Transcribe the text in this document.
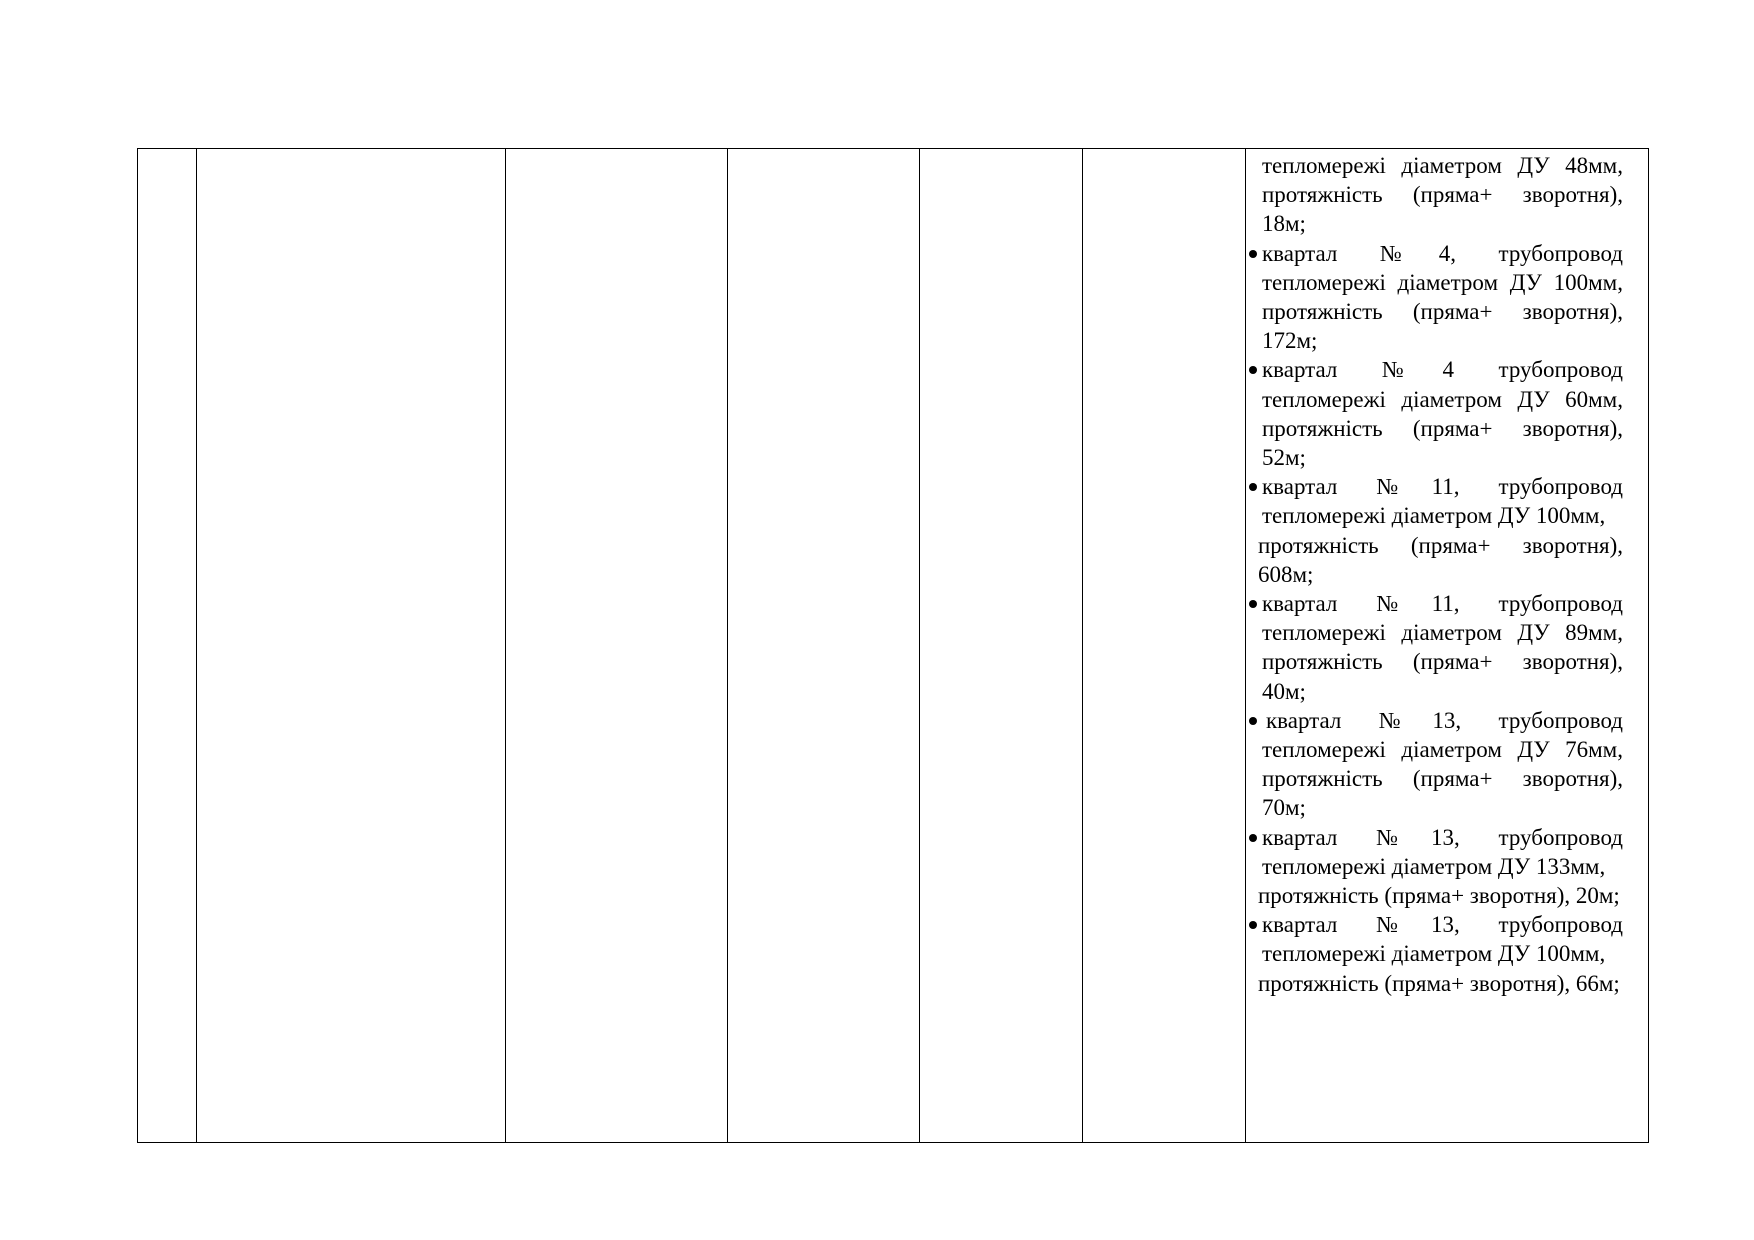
тепломережі діаметром ДУ 48мм, протяжність (пряма+ зворотня), 18м;
квартал №4, трубопровод тепломережі діаметром ДУ 100мм, протяжність (пряма+ зворотня), 172м;
квартал №4 трубопровод тепломережі діаметром ДУ 60мм, протяжність (пряма+ зворотня), 52м;
квартал №11, трубопровод тепломережі діаметром ДУ 100мм,
протяжність (пряма+ зворотня), 608м;
квартал №11, трубопровод тепломережі діаметром ДУ 89мм, протяжність (пряма+ зворотня), 40м;
квартал №13, трубопровод тепломережі діаметром ДУ 76мм, протяжність (пряма+ зворотня), 70м;
квартал №13, трубопровод тепломережі діаметром ДУ 133мм,
протяжність (пряма+ зворотня), 20м;
квартал №13, трубопровод тепломережі діаметром ДУ 100мм,
протяжність (пряма+ зворотня), 66м;
